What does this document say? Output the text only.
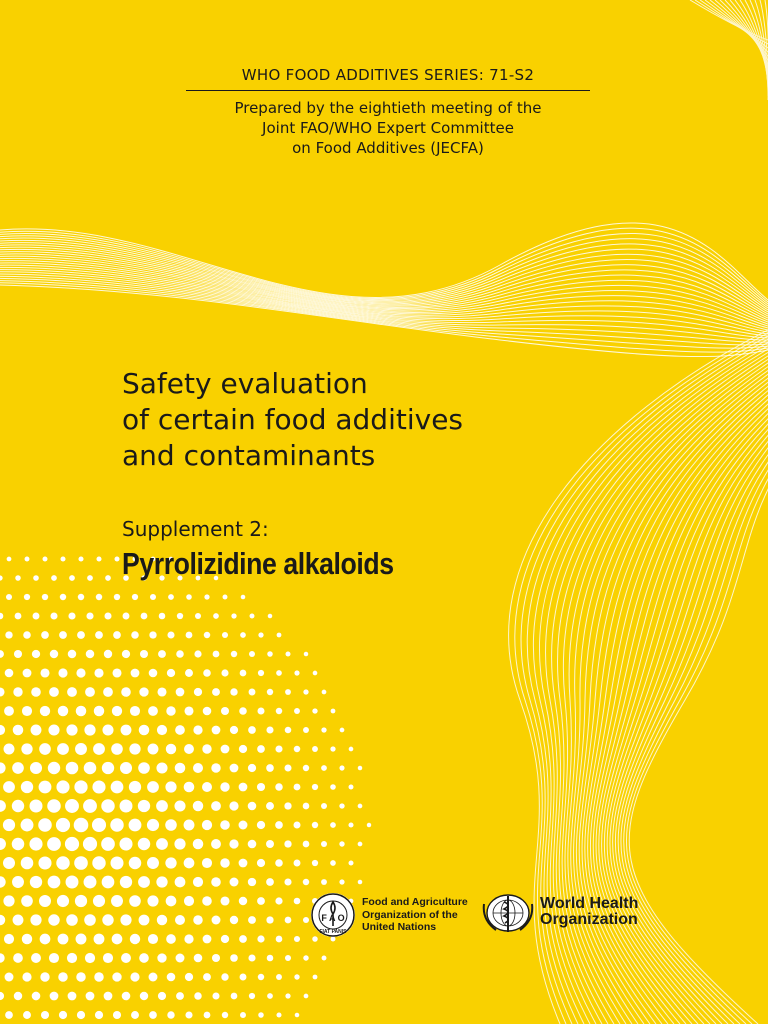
WHO FOOD ADDITIVES SERIES: 71-S2
Prepared by the eightieth meeting of the
Joint FAO/WHO Expert Committee
on Food Additives (JECFA)
Safety evaluation
of certain food additives
and contaminants
Supplement 2:
Pyrrolizidine alkaloids
F A O
FIAT PANIS
Food and Agriculture
Organization of the
United Nations
World Health
Organization
